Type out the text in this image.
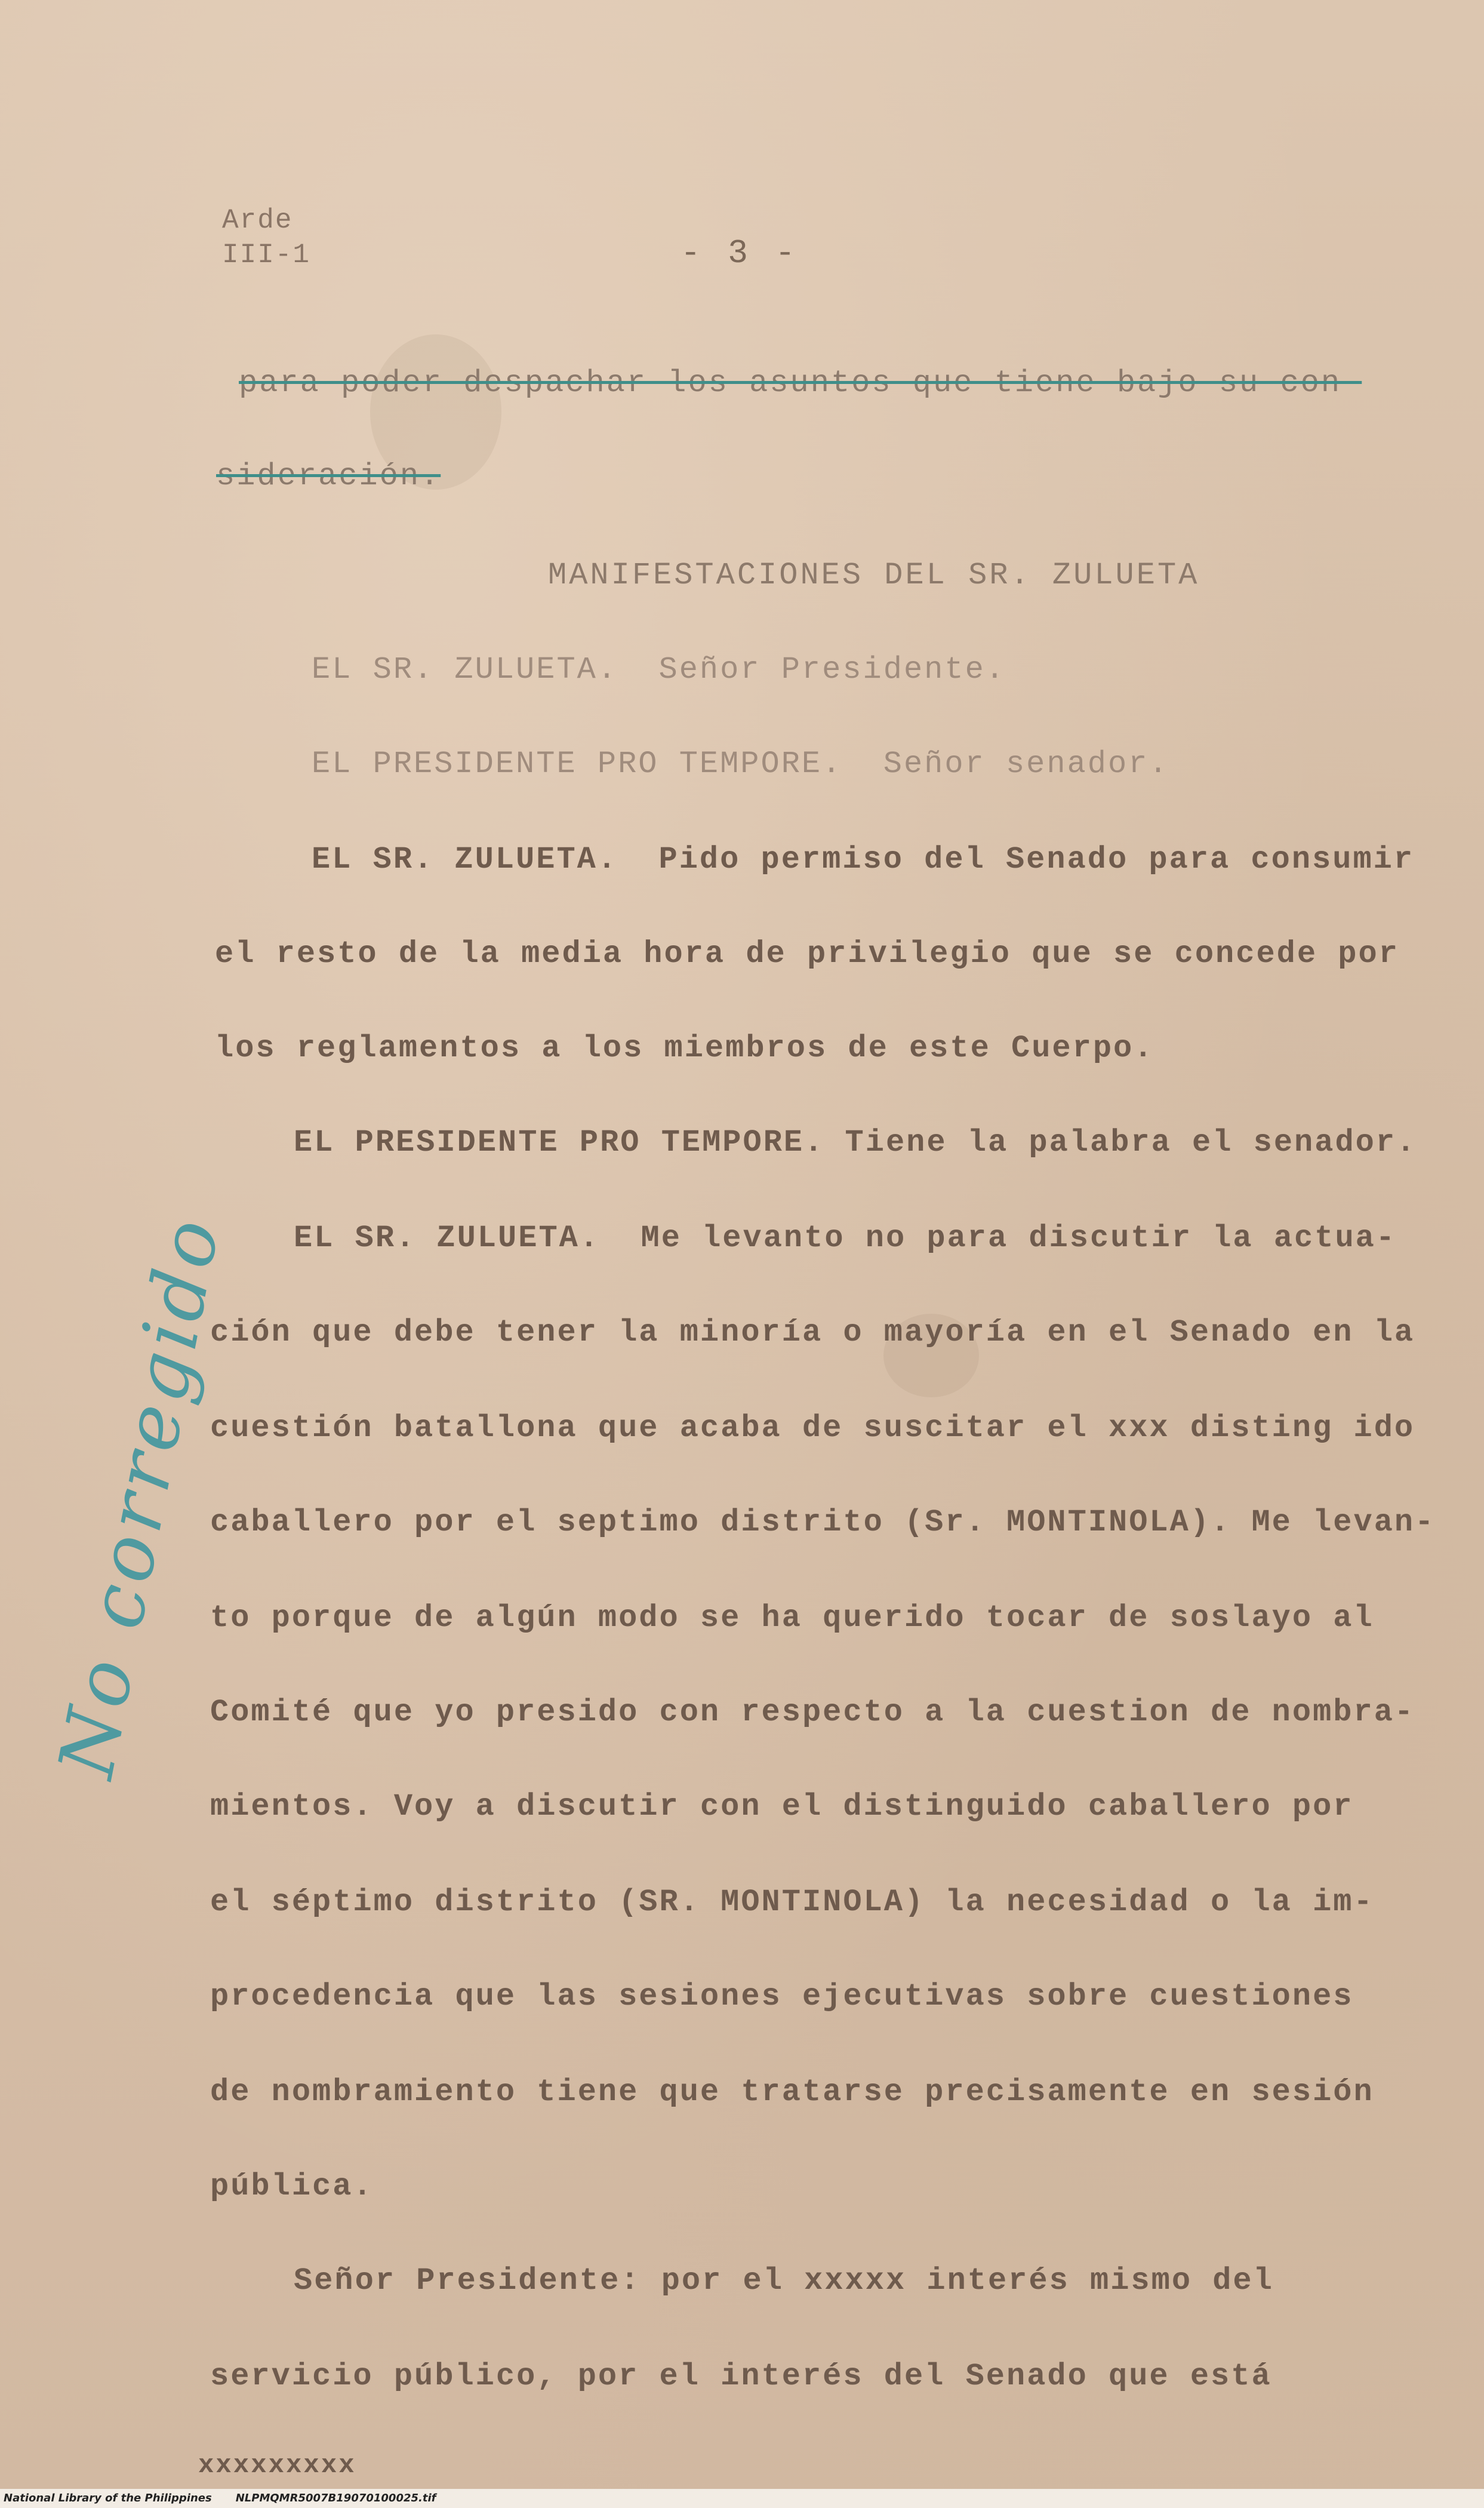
Arde
III-1	- 3 -
para poder despachar los asuntos que tiene bajo su con-
sideración.
MANIFESTACIONES DEL SR. ZULUETA
EL SR. ZULUETA.  Señor Presidente.
EL PRESIDENTE PRO TEMPORE.  Señor senador.
EL SR. ZULUETA.  Pido permiso del Senado para consumir
el resto de la media hora de privilegio que se concede por
los reglamentos a los miembros de este Cuerpo.
EL PRESIDENTE PRO TEMPORE. Tiene la palabra el senador.
EL SR. ZULUETA.  Me levanto no para discutir la actua-
ción que debe tener la minoría o mayoría en el Senado en la
cuestión batallona que acaba de suscitar el xxx disting ido
caballero por el septimo distrito (Sr. MONTINOLA). Me levan-
to porque de algún modo se ha querido tocar de soslayo al
Comité que yo presido con respecto a la cuestion de nombra-
mientos. Voy a discutir con el distinguido caballero por
el séptimo distrito (SR. MONTINOLA) la necesidad o la im-
procedencia que las sesiones ejecutivas sobre cuestiones
de nombramiento tiene que tratarse precisamente en sesión
pública.
Señor Presidente: por el xxxxx interés mismo del
servicio público, por el interés del Senado que está
xxxxxxxxx
No corregido
National Library of the Philippines NLPMQMR5007B19070100025.tif
